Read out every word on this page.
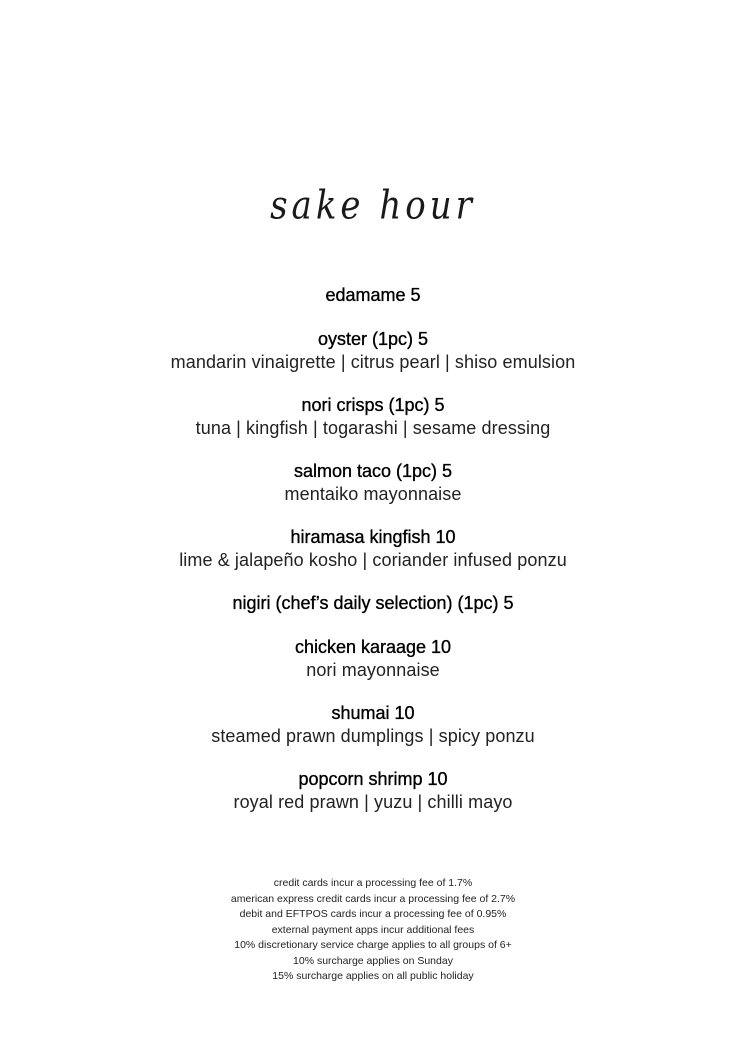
sake hour
edamame 5
oyster (1pc) 5
mandarin vinaigrette | citrus pearl | shiso emulsion
nori crisps (1pc) 5
tuna | kingfish | togarashi | sesame dressing
salmon taco (1pc) 5
mentaiko mayonnaise
hiramasa kingfish 10
lime & jalapeño kosho | coriander infused ponzu
nigiri (chef’s daily selection) (1pc) 5
chicken karaage 10
nori mayonnaise
shumai 10
steamed prawn dumplings | spicy ponzu
popcorn shrimp 10
royal red prawn | yuzu | chilli mayo
credit cards incur a processing fee of 1.7%
american express credit cards incur a processing fee of 2.7%
debit and EFTPOS cards incur a processing fee of 0.95%
external payment apps incur additional fees
10% discretionary service charge applies to all groups of 6+
10% surcharge applies on Sunday
15% surcharge applies on all public holiday
